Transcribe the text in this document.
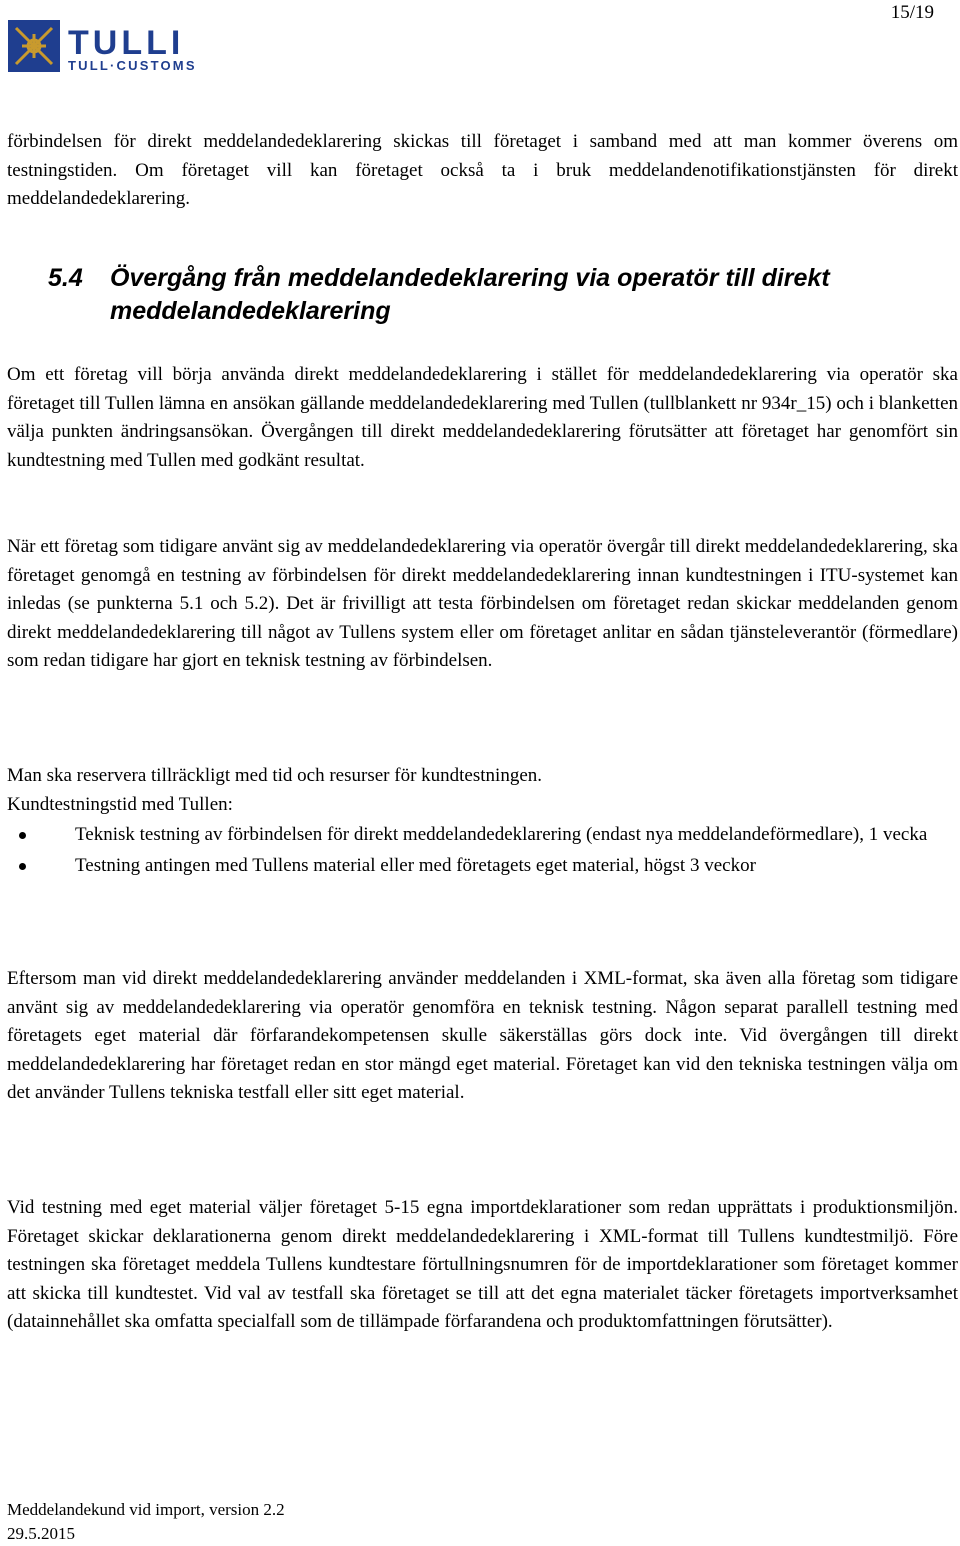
TULLI
TULL·CUSTOMS
15/19

förbindelsen för direkt meddelandedeklarering skickas till företaget i samband med att man kommer överens om testningstiden. Om företaget vill kan företaget också ta i bruk meddelandenotifikationstjänsten för direkt meddelandedeklarering.

5.4 Övergång från meddelandedeklarering via operatör till direkt
meddelandedeklarering

Om ett företag vill börja använda direkt meddelandedeklarering i stället för meddelandedeklarering via operatör ska företaget till Tullen lämna en ansökan gällande meddelandedeklarering med Tullen (tullblankett nr 934r_15) och i blanketten välja punkten ändringsansökan. Övergången till direkt meddelandedeklarering förutsätter att företaget har genomfört sin kundtestning med Tullen med godkänt resultat.

När ett företag som tidigare använt sig av meddelandedeklarering via operatör övergår till direkt meddelandedeklarering, ska företaget genomgå en testning av förbindelsen för direkt meddelandedeklarering innan kundtestningen i ITU-systemet kan inledas (se punkterna 5.1 och 5.2). Det är frivilligt att testa förbindelsen om företaget redan skickar meddelanden genom direkt meddelandedeklarering till något av Tullens system eller om företaget anlitar en sådan tjänsteleverantör (förmedlare) som redan tidigare har gjort en teknisk testning av förbindelsen.

Man ska reservera tillräckligt med tid och resurser för kundtestningen.

Kundtestningstid med Tullen:

Teknisk testning av förbindelsen för direkt meddelandedeklarering (endast nya meddelandeförmedlare), 1 vecka
Testning antingen med Tullens material eller med företagets eget material, högst 3 veckor

Eftersom man vid direkt meddelandedeklarering använder meddelanden i XML-format, ska även alla företag som tidigare använt sig av meddelandedeklarering via operatör genomföra en teknisk testning. Någon separat parallell testning med företagets eget material där förfarandekompetensen skulle säkerställas görs dock inte. Vid övergången till direkt meddelandedeklarering har företaget redan en stor mängd eget material. Företaget kan vid den tekniska testningen välja om det använder Tullens tekniska testfall eller sitt eget material.

Vid testning med eget material väljer företaget 5-15 egna importdeklarationer som redan upprättats i produktionsmiljön. Företaget skickar deklarationerna genom direkt meddelandedeklarering i XML-format till Tullens kundtestmiljö. Före testningen ska företaget meddela Tullens kundtestare förtullningsnumren för de importdeklarationer som företaget kommer att skicka till kundtestet. Vid val av testfall ska företaget se till att det egna materialet täcker företagets importverksamhet (datainnehållet ska omfatta specialfall som de tillämpade förfarandena och produktomfattningen förutsätter).

Meddelandekund vid import, version 2.2
29.5.2015
